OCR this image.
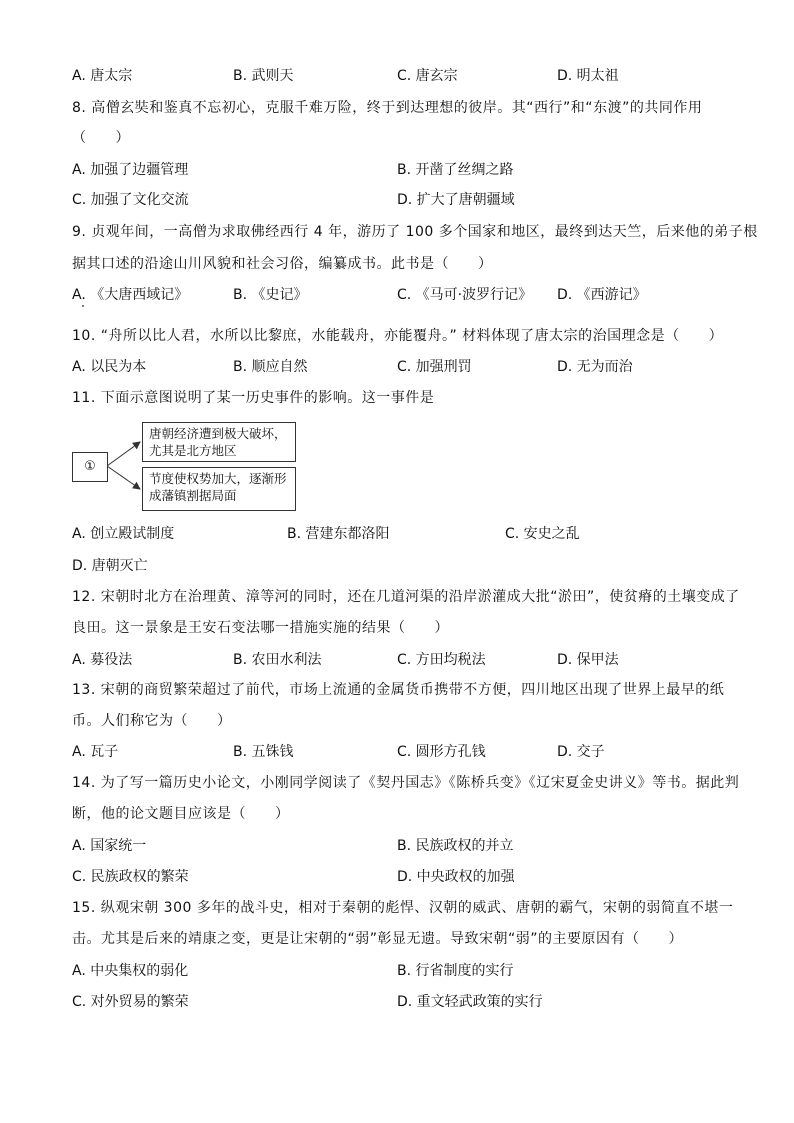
A. 唐太宗	B. 武则天	C. 唐玄宗	D. 明太祖
8. 高僧玄奘和鉴真不忘初心，克服千难万险，终于到达理想的彼岸。其“西行”和“东渡”的共同作用
（　　）
A. 加强了边疆管理	B. 开凿了丝绸之路
C. 加强了文化交流	D. 扩大了唐朝疆域
9. 贞观年间，一高僧为求取佛经西行 4 年，游历了 100 多个国家和地区，最终到达天竺，后来他的弟子根
据其口述的沿途山川风貌和社会习俗，编纂成书。此书是（　　）
A. 《大唐西域记》	B. 《史记》	C. 《马可·波罗行记》 D. 《西游记》
10. “舟所以比人君，水所以比黎庶，水能载舟，亦能覆舟。” 材料体现了唐太宗的治国理念是（　　）
A. 以民为本	B. 顺应自然	C. 加强刑罚	D. 无为而治
11. 下面示意图说明了某一历史事件的影响。这一事件是
①
唐朝经济遭到极大破坏，尤其是北方地区
节度使权势加大，逐渐形成藩镇割据局面
A. 创立殿试制度	B. 营建东都洛阳	C. 安史之乱
D. 唐朝灭亡
12. 宋朝时北方在治理黄、漳等河的同时，还在几道河渠的沿岸淤灌成大批“淤田”，使贫瘠的土壤变成了
良田。这一景象是王安石变法哪一措施实施的结果（　　）
A. 募役法	B. 农田水利法	C. 方田均税法	D. 保甲法
13. 宋朝的商贸繁荣超过了前代，市场上流通的金属货币携带不方便，四川地区出现了世界上最早的纸
币。人们称它为（　　）
A. 瓦子	B. 五铢钱	C. 圆形方孔钱	D. 交子
14. 为了写一篇历史小论文，小刚同学阅读了《契丹国志》《陈桥兵变》《辽宋夏金史讲义》等书。据此判
断，他的论文题目应该是（　　）
A. 国家统一	B. 民族政权的并立
C. 民族政权的繁荣	D. 中央政权的加强
15. 纵观宋朝 300 多年的战斗史，相对于秦朝的彪悍、汉朝的威武、唐朝的霸气，宋朝的弱简直不堪一
击。尤其是后来的靖康之变，更是让宋朝的“弱”彰显无遗。导致宋朝“弱”的主要原因有（　　）
A. 中央集权的弱化	B. 行省制度的实行
C. 对外贸易的繁荣	D. 重文轻武政策的实行
